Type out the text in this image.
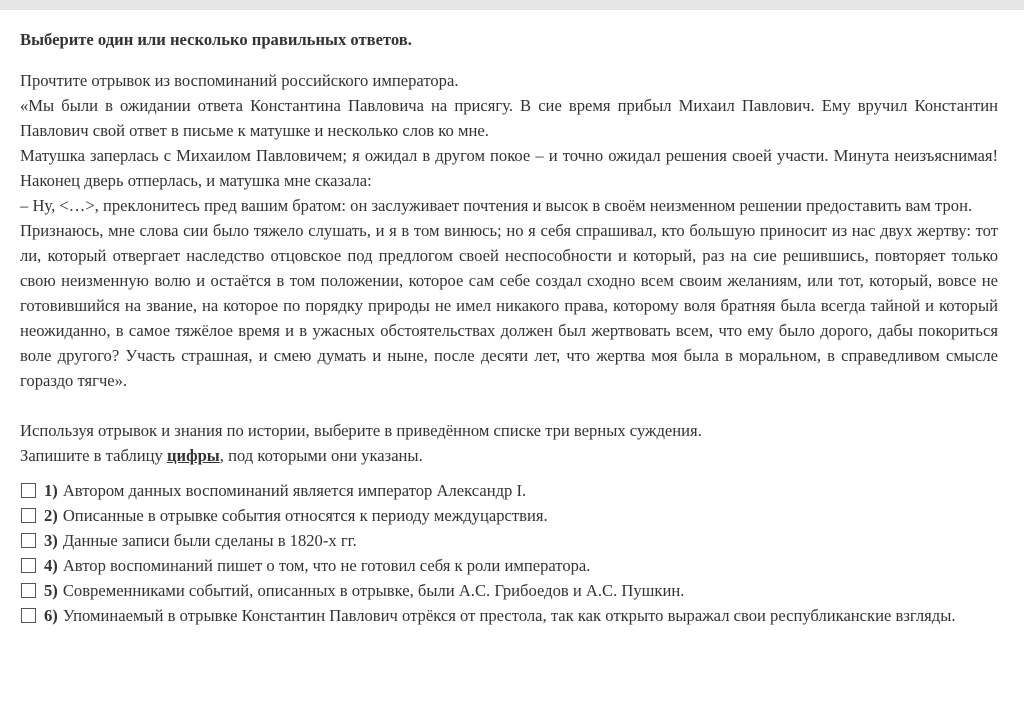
Выберите один или несколько правильных ответов.

Прочтите отрывок из воспоминаний российского императора.

«Мы были в ожидании ответа Константина Павловича на присягу. В сие время прибыл Михаил Павлович. Ему вручил Константин Павлович свой ответ в письме к матушке и несколько слов ко мне.

Матушка заперлась с Михаилом Павловичем; я ожидал в другом покое – и точно ожидал решения своей участи. Минута неизъяснимая! Наконец дверь отперлась, и матушка мне сказала:

– Ну, <…>, преклонитесь пред вашим братом: он заслуживает почтения и высок в своём неизменном решении предоставить вам трон.

Признаюсь, мне слова сии было тяжело слушать, и я в том винюсь; но я себя спрашивал, кто большую приносит из нас двух жертву: тот ли, который отвергает наследство отцовское под предлогом своей неспособности и который, раз на сие решившись, повторяет только свою неизменную волю и остаётся в том положении, которое сам себе создал сходно всем своим желаниям, или тот, который, вовсе не готовившийся на звание, на которое по порядку природы не имел никакого права, которому воля братняя была всегда тайной и который неожиданно, в самое тяжёлое время и в ужасных обстоятельствах должен был жертвовать всем, что ему было дорого, дабы покориться воле другого? Участь страшная, и смею думать и ныне, после десяти лет, что жертва моя была в моральном, в справедливом смысле гораздо тягче».

Используя отрывок и знания по истории, выберите в приведённом списке три верных суждения.

Запишите в таблицу цифры, под которыми они указаны.

1) Автором данных воспоминаний является император Александр I.
2) Описанные в отрывке события относятся к периоду междуцарствия.
3) Данные записи были сделаны в 1820-х гг.
4) Автор воспоминаний пишет о том, что не готовил себя к роли императора.
5) Современниками событий, описанных в отрывке, были А.С. Грибоедов и А.С. Пушкин.
6) Упоминаемый в отрывке Константин Павлович отрёкся от престола, так как открыто выражал свои республиканские взгляды.
